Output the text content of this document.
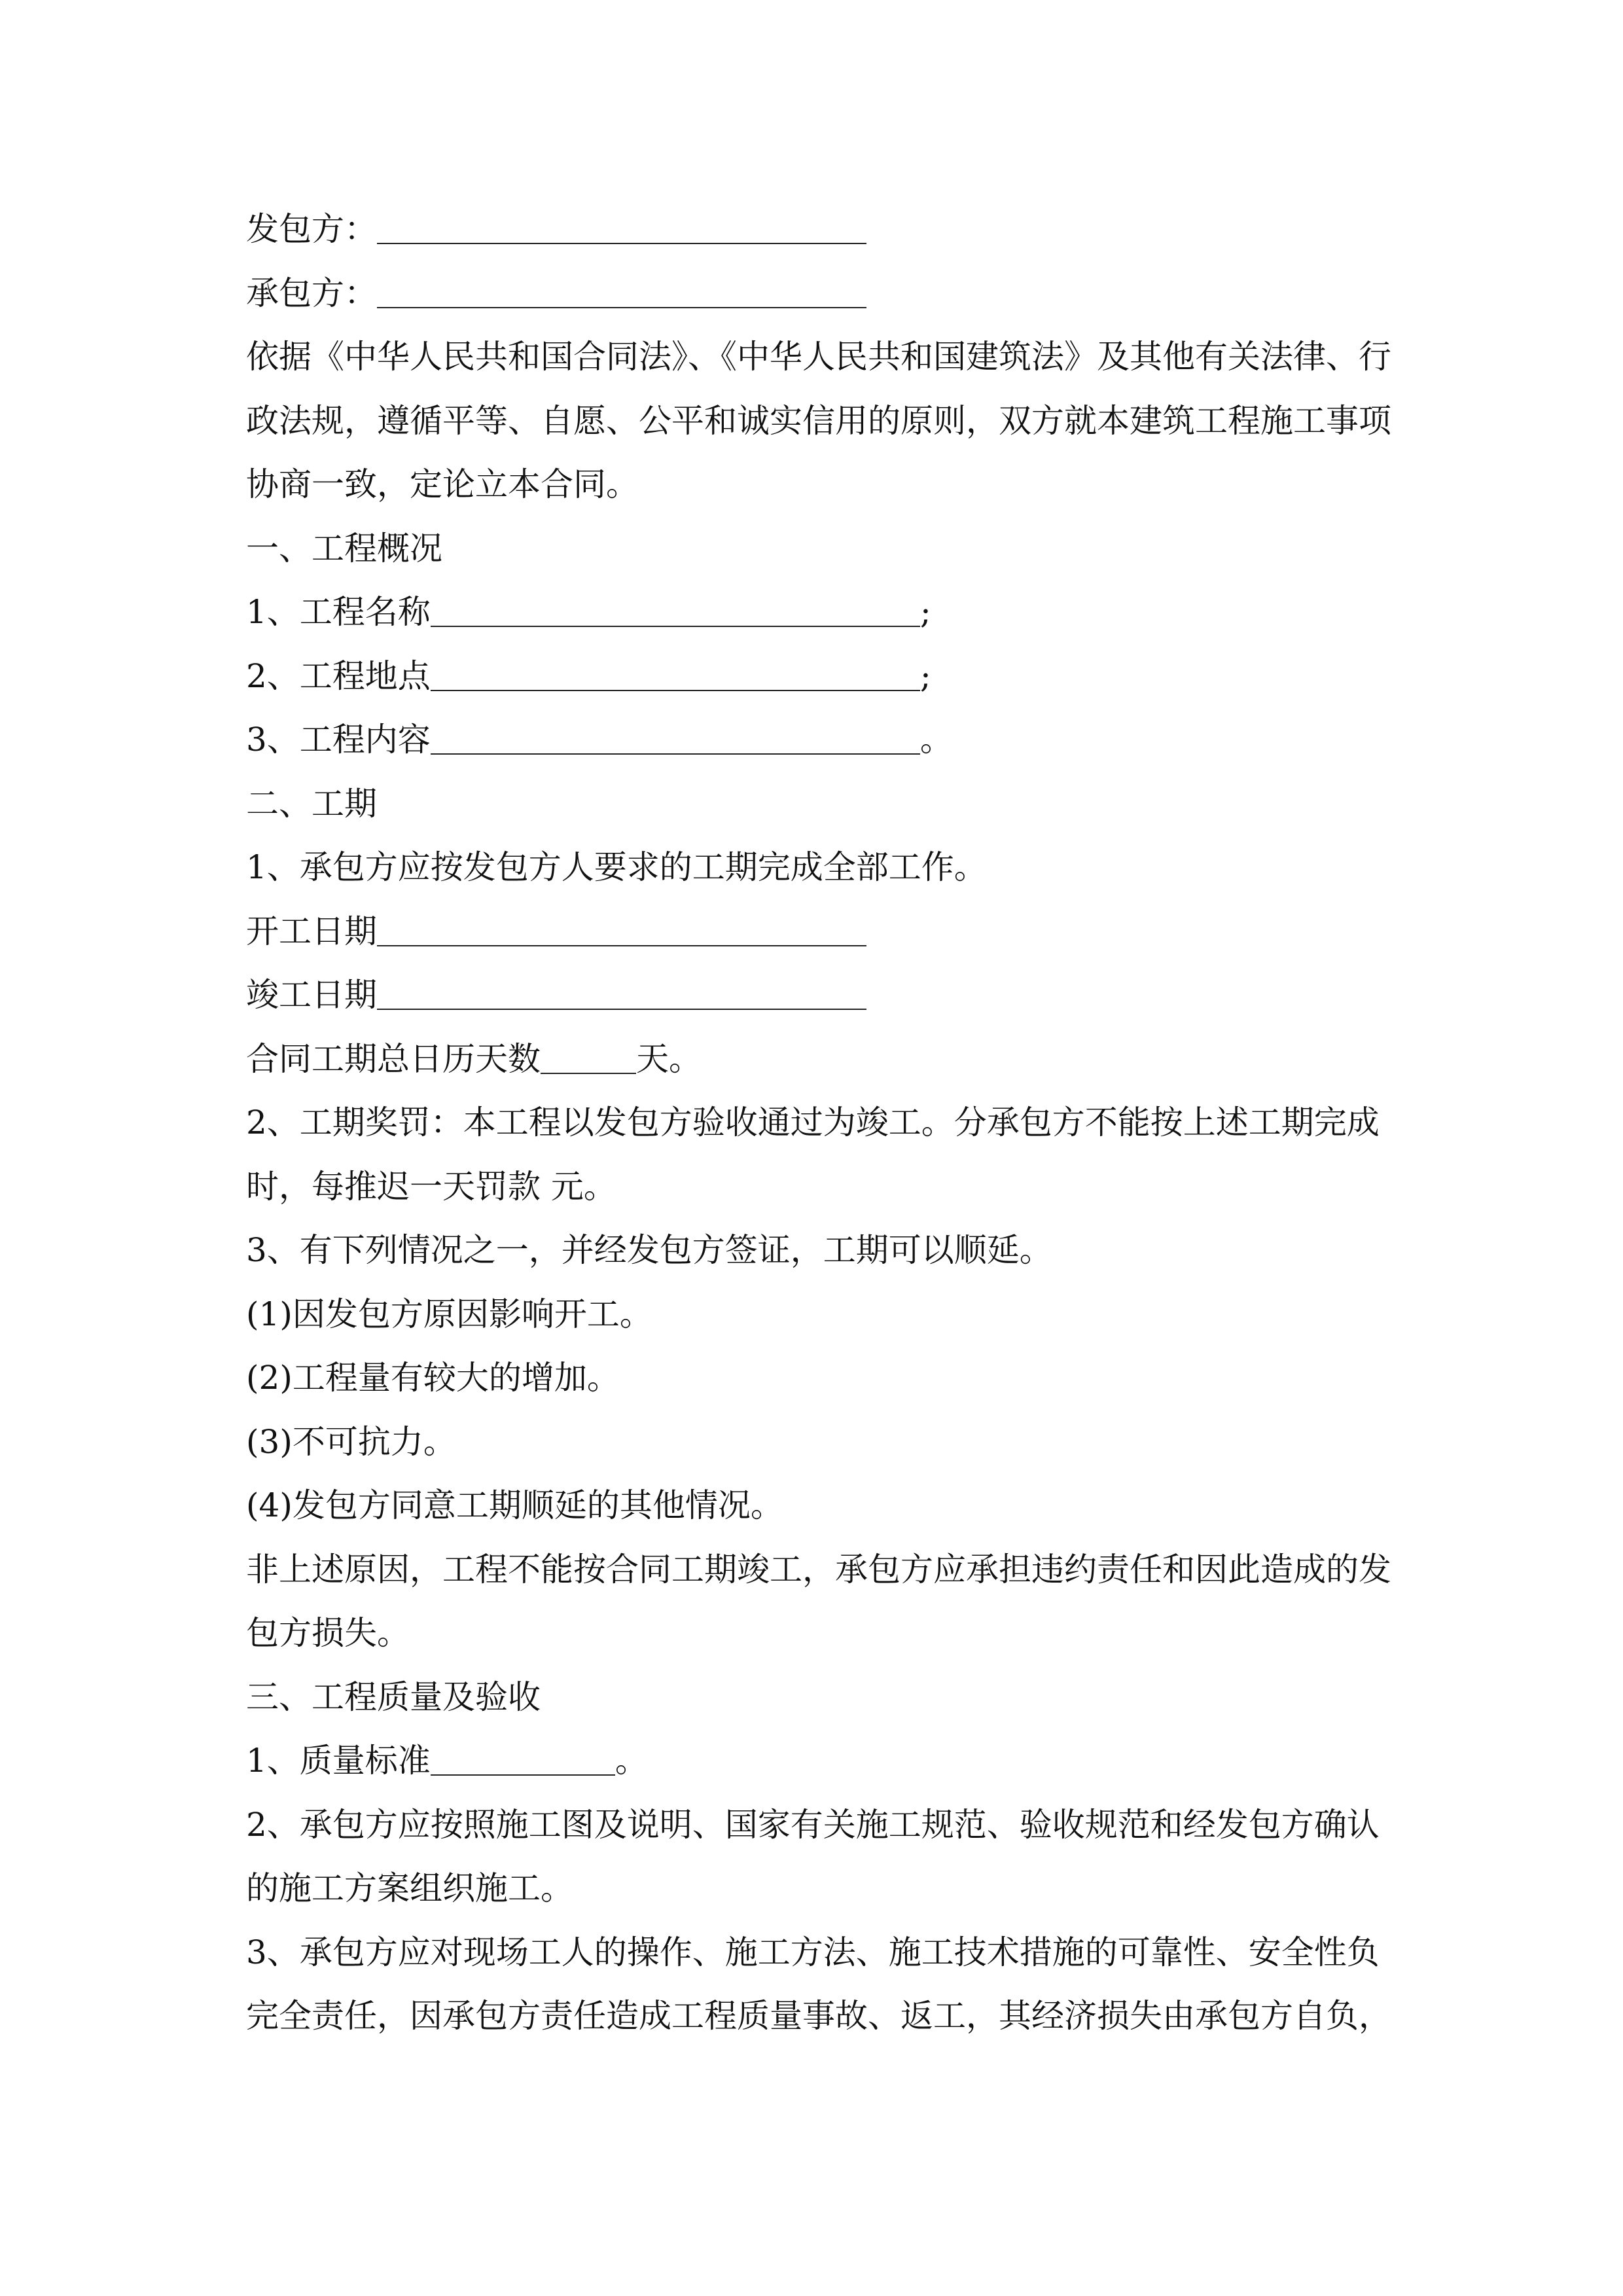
发包方：
承包方：
依据《中华人民共和国合同法》、《中华人民共和国建筑法》及其他有关法律、行政法规，遵循平等、自愿、公平和诚实信用的原则，双方就本建筑工程施工事项协商一致，定论立本合同。
一、工程概况
1、工程名称	;
2、工程地点	;
3、工程内容	。
二、工期
1、承包方应按发包方人要求的工期完成全部工作。
开工日期
竣工日期
合同工期总日历天数	天。
2、工期奖罚：本工程以发包方验收通过为竣工。分承包方不能按上述工期完成时，每推迟一天罚款 元。
3、有下列情况之一，并经发包方签证，工期可以顺延。
(1)因发包方原因影响开工。
(2)工程量有较大的增加。
(3)不可抗力。
(4)发包方同意工期顺延的其他情况。
非上述原因，工程不能按合同工期竣工，承包方应承担违约责任和因此造成的发包方损失。
三、工程质量及验收
1、质量标准	。
2、承包方应按照施工图及说明、国家有关施工规范、验收规范和经发包方确认的施工方案组织施工。
3、承包方应对现场工人的操作、施工方法、施工技术措施的可靠性、安全性负完全责任，因承包方责任造成工程质量事故、返工，其经济损失由承包方自负，
